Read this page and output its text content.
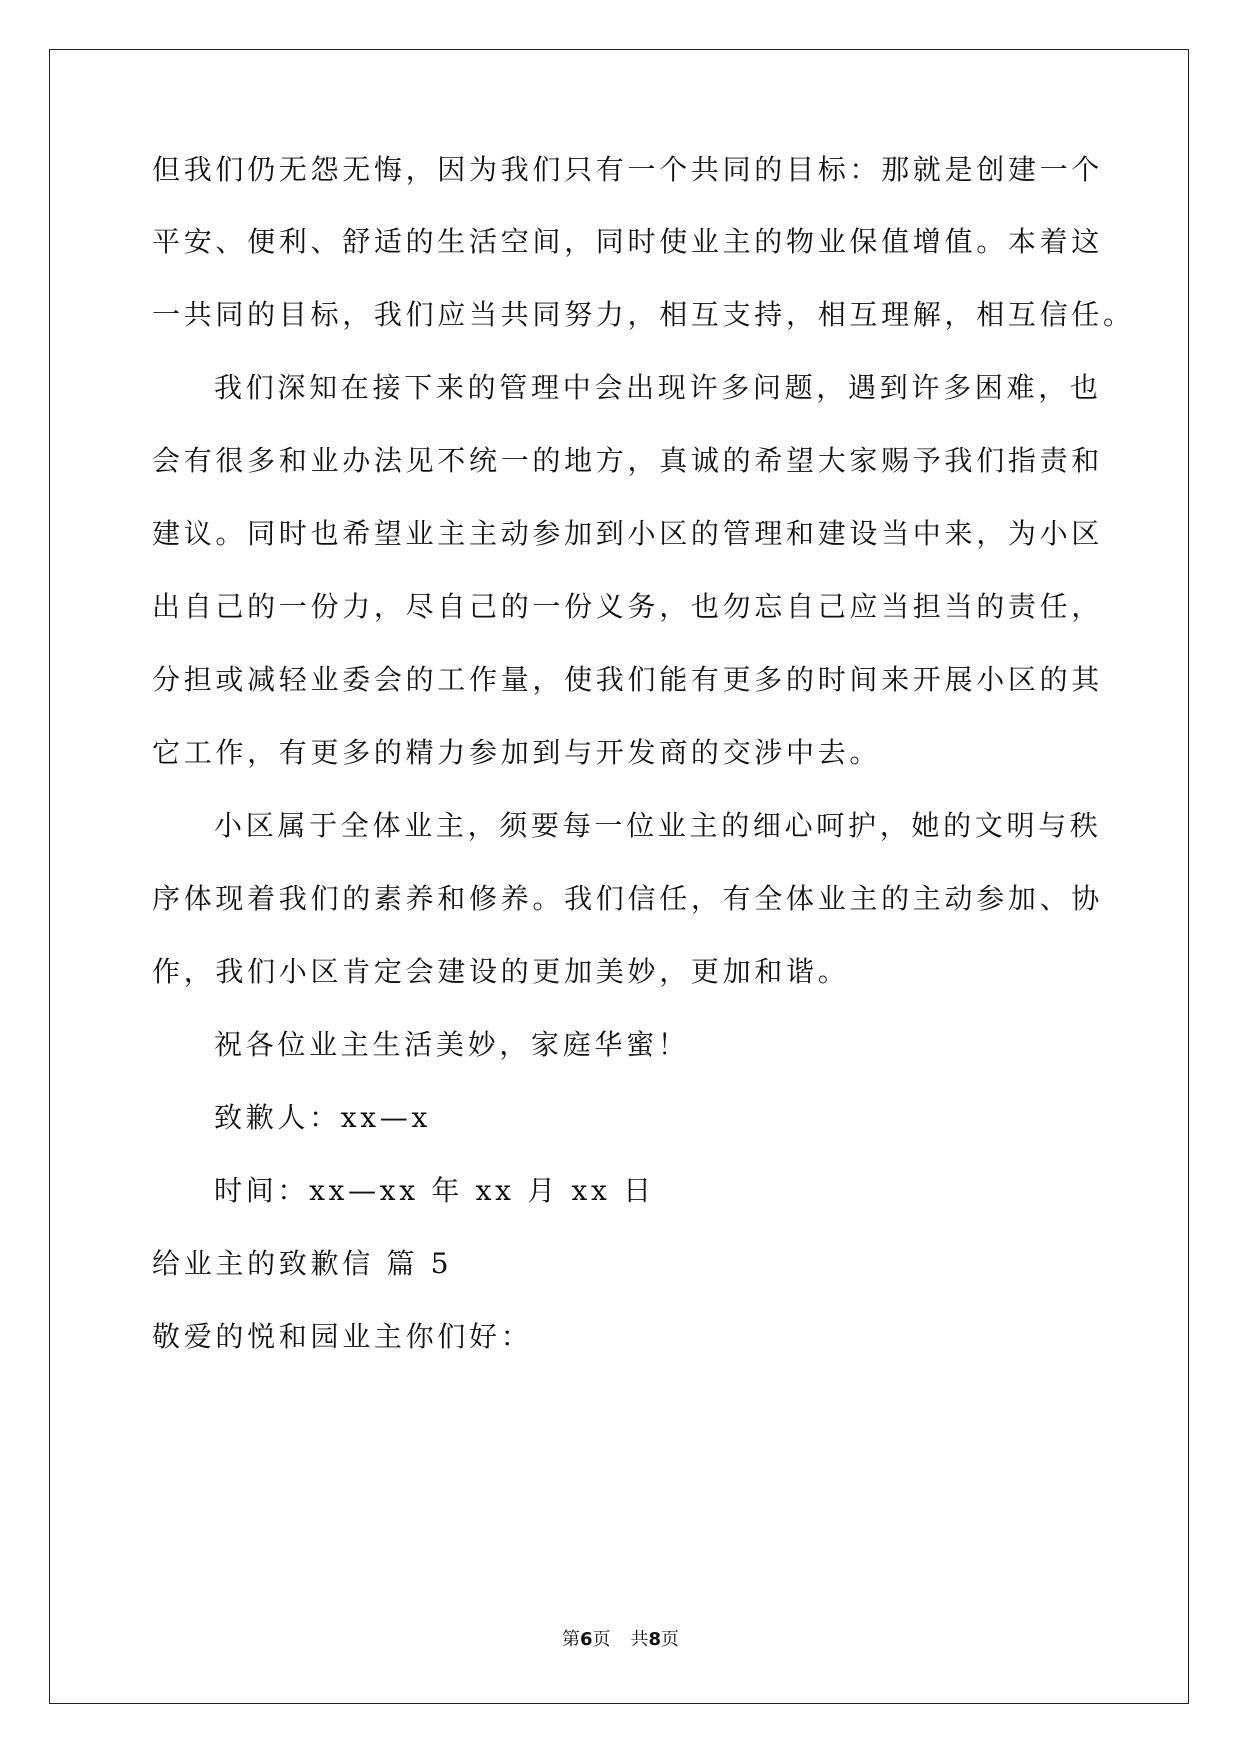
但我们仍无怨无悔，因为我们只有一个共同的目标：那就是创建一个
平安、便利、舒适的生活空间，同时使业主的物业保值增值。本着这
一共同的目标，我们应当共同努力，相互支持，相互理解，相互信任。
我们深知在接下来的管理中会出现许多问题，遇到许多困难，也
会有很多和业办法见不统一的地方，真诚的希望大家赐予我们指责和
建议。同时也希望业主主动参加到小区的管理和建设当中来，为小区
出自己的一份力，尽自己的一份义务，也勿忘自己应当担当的责任，
分担或减轻业委会的工作量，使我们能有更多的时间来开展小区的其
它工作，有更多的精力参加到与开发商的交涉中去。
小区属于全体业主，须要每一位业主的细心呵护，她的文明与秩
序体现着我们的素养和修养。我们信任，有全体业主的主动参加、协
作，我们小区肯定会建设的更加美妙，更加和谐。
祝各位业主生活美妙，家庭华蜜！
致歉人：xx—x
时间：xx—xx 年 xx 月 xx 日
给业主的致歉信 篇 5
敬爱的悦和园业主你们好：
第6页 共8页
